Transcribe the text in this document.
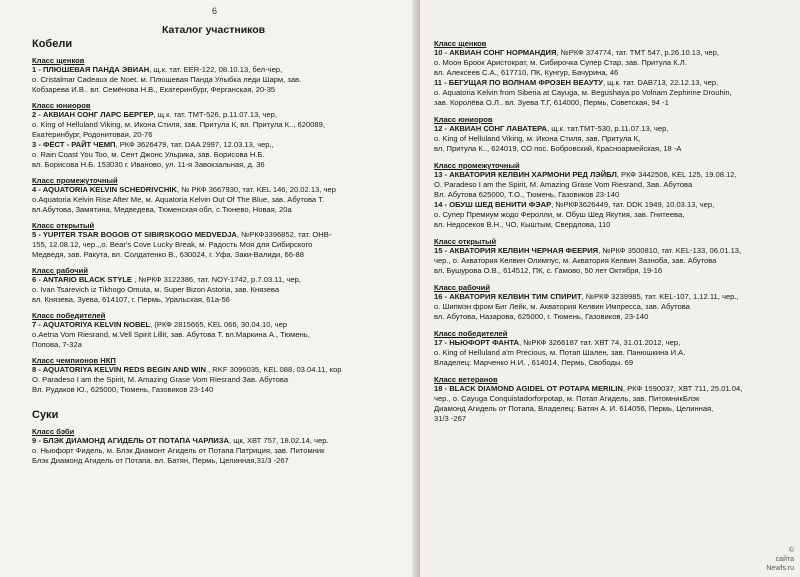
6
Каталог участников
Кобели
Класс щенков
1 - ПЛЮШЕВАЯ ПАНДА ЭВИАН, щ.к. тат. EER-122, 08.10.13, бел-чер,
о. Cristalmar Cadeaux de Noet. м. Плюшевая Панда Улыбка леди Шарм, зав.
Кобзарева И.В.. вл. Семёнова Н.В., Екатеринбург, Ферганская, 20-35
Класс юниоров
2 - АКВИАН СОНГ ЛАРС БЕРГЕР, щ.к. тат. ТМТ-526, р.11.07.13, чер,
о. King of Helluland Viking, м. Икона Стиля, зав. Притула К, вл. Притула К.., 620089,
Екатеринбург, Родонитовая, 20-76
3 - ФЁСТ - РАЙТ ЧЕМП, РКФ 3626479, тат. DAA 2997, 12.03.13, чер,,
о. Rain Coast You Too, м. Сент Джонс Ульрика, зав. Борисова Н.Б.
вл. Борисова Н.Б. 153030 г. Иваново, ул. 11-я Завокзальная, д. 36
Класс промежуточный
4 - AQUATORIA KELVIN SCHEDRIVCHIK, № РКФ 3667930, тат. KEL 146, 20.02.13, чер
о.Aquatoria Kelvin Rise After Me, м. Aquatoria Kelvin Out Of The Blue, зав. Абутова Т.
вл.Абутова, Замятина, Медведева, Тюменская обл, с.Тюнево, Новая, 20а
Класс открытый
5 - YUPITER TSAR BOGOB OT SIBIRSKOGO MEDVEDJA, №РКФ3396852, тат. ОНВ-
155, 12.08.12, чер.,,о. Bear's Cove Lucky Break, м. Радость Моя для Сибирского
Медведя, зав. Ракута, вл. Солдатенко В., 630024, г. Уфа, Заки-Валиди, 66-88
Класс рабочий
6 - ANTARIO BLACK STYLE , №РКФ 3122386, тат. NOY-1742, р.7.03.11, чер,
о. Ivan Tsarevich iz Tikhogo Omuta, м. Super Bizon Astoria, зав. Князева
вл. Князева, Зуева, 614107, г. Пермь, Уральская, 61а-56
Класс победителей
7 - AQUATORIYA KELVIN NOBEL, (РКФ 2815665, KEL 066, 30.04.10, чер
o.Aetna Vom Riesrand, м.Vell Spirit Lillit, зав. Абутова Т. вл.Маркина А., Тюмень,
Попова, 7-32а
Класс чемпионов НКП
8 - AQUATORIYA KELVIN REDS BEGIN AND WIN , RKF 3096035, KEL 088, 03.04.11, кор
O. Paradeso I am the Spirit, M. Amazing Grase Vom Riesrand Зав. Абутова
Вл. Рудаков Ю., 625000, Тюмень, Газовиков 23-140
Суки
Класс бэби
9 - БЛЭК ДИАМОНД АГИДЕЛЬ ОТ ПОТАПА ЧАРЛИЗА, щк, ХВТ 757, 18.02.14, чер.
о. Ньюфорт Фидель, м. Блэк Диамонт Агидель от Потапа Патриция, зав. Питомник
Блэк Диамонд Агидель от Потапа. вл. Батян, Пермь, Целинная,31/3 -267
Класс щенков
10 - АКВИАН СОНГ НОРМАНДИЯ, №РКФ 374774, тат. ТМТ 547, р.26.10.13, чер,
о. Моон Броок Аристократ, м. Сибирочка Супер Стар, зав. Притула К.Л.
вл. Алексеев С.А., 617710, ПК, Кунгур, Бачурина, 46
11 - БЕГУЩАЯ ПО ВОЛНАМ ФРОЗЕН ВЕАУТУ, щ.к. тат. DAB713, 22.12.13, чер,
о. Aquatoria Kelvin from Siberia at Cayuga, м. Begushaya po Volnam Zephirine Drouhin,
зав. Королёва О.Л.. вл. Зуева Т.Г, 614000, Пермь, Советская, 94 -1
Класс юниоров
12 - АКВИАН СОНГ ЛАВАТЕРА, щ.к. тат.ТМТ-530, р.11.07.13, чер,
о. King of Helluland Viking, м. Икона Стиля, зав. Притула К,
вл. Притула К.., 624019, СО пос. Бобровский, Красноармейская, 18 -А
Класс промежуточный
13 - АКВАТОРИЯ КЕЛВИН ХАРМОНИ РЕД ЛЭЙБЛ, РКФ 3442506, KEL 125, 19.08.12,
О. Paradeso I am the Spirit, M. Amazing Grase Vom Riesrand, Зав. Абутова
Вл. Абутова 625000, Т.О., Тюмень, Газовиков 23-140
14 - ОБУШ ШЕД ВЕНИТИ ФЭАР, №РКФ3626449, тат. DDK 1949, 10.03.13, чер,
о. Супер Премиум жодо Феролли, м. Обуш Шед Якутия, зав. Гнитеева,
вл. Недосеков В.Н., ЧО, Кыштым, Свердлова, 110
Класс открытый
15 - АКВАТОРИЯ КЕЛВИН ЧЕРНАЯ ФЕЕРИЯ, №РКФ 3500810, тат. KEL-133, 06.01.13,
чер., о. Акватория Келвин Олимпус, м. Акватория Келвин Зазноба, зав. Абутова
вл. Бушурова О.В., 614512, ПК, с. Гамово, 50 лет Октября, 19-16
Класс рабочий
16 - АКВАТОРИЯ КЕЛВИН ТИМ СПИРИТ, №РКФ 3239985, тат. KEL-107, 1.12.11, чер.,
о. Шипмэн фром Биг Лейк, м. Акватория Келвин Импресса, зав. Абутова
вл. Абутова, Назарова, 625000, г. Тюмень, Газовиков, 23-140
Класс победителей
17 - НЬЮФОРТ ФАНТА, №РКФ 3266187 тат. ХВТ 74, 31.01.2012, чер,
о. King of Helluland a'm Precious, м. Потап Шален, зав. Панюшкина И.А.
Владелец: Марченко Н.И. , 614014, Пермь, Свободы. 69
Класс ветеранов
18 - BLACK DIAMOND AGIDEL OT POTAPA MERILIN, РКФ 1590037, ХВТ 711, 25.01.04,
чер., о. Cayuga Conquistadorforpotap, м. Потап Агидель, зав. ПитомникБлэк
Диамонд Агидель от Потапа, Владелец: Батян А. И. 614056, Пермь, Целинная,
31/3 -267
©
сайта
Newfs.ru
